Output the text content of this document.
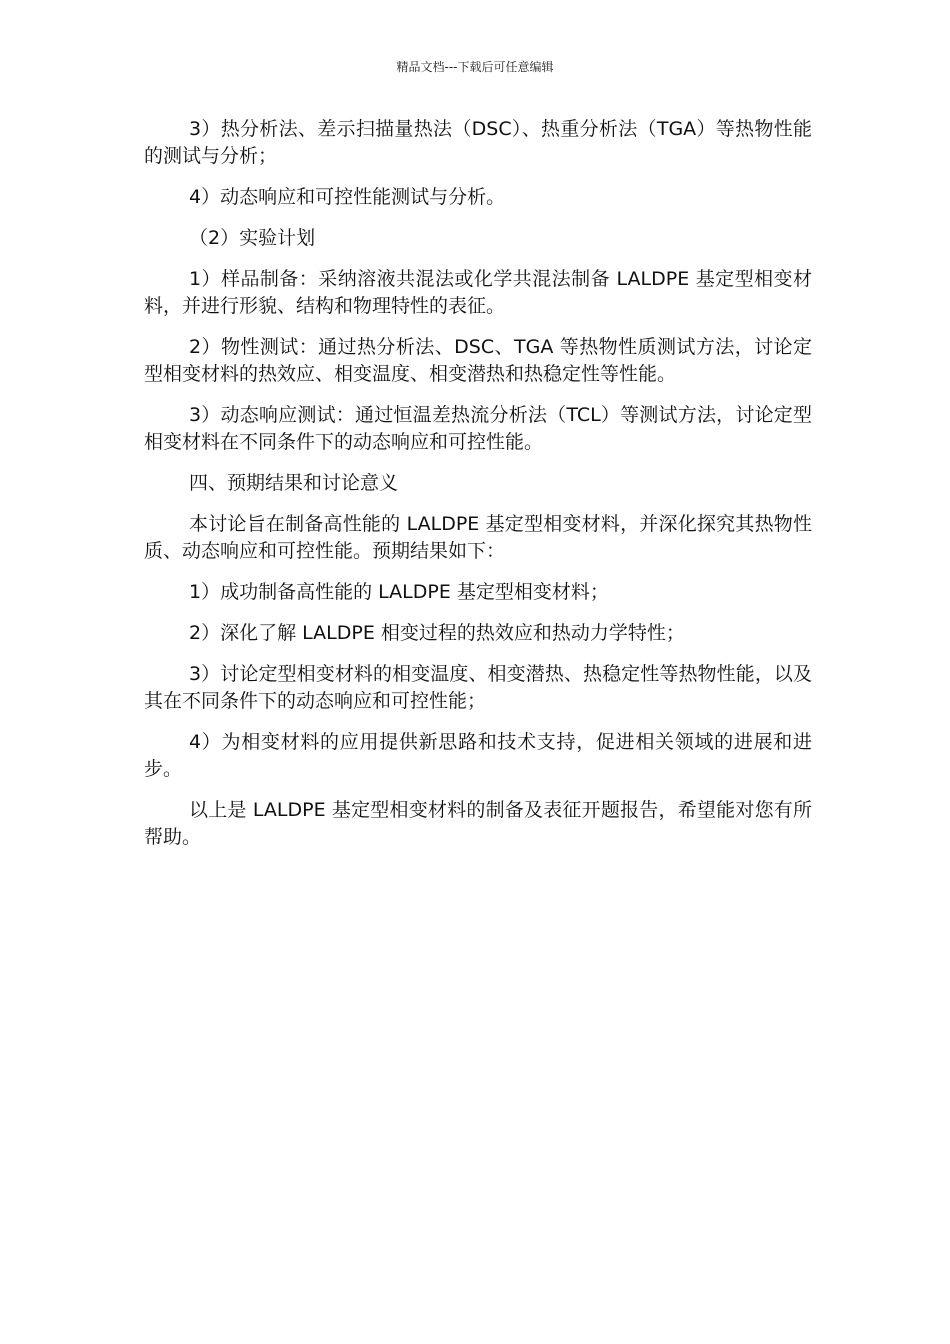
精品文档---下载后可任意编辑

3）热分析法、差示扫描量热法（DSC）、热重分析法（TGA）等热物性能的测试与分析；

4）动态响应和可控性能测试与分析。

（2）实验计划

1）样品制备：采纳溶液共混法或化学共混法制备 LALDPE 基定型相变材料，并进行形貌、结构和物理特性的表征。

2）物性测试：通过热分析法、DSC、TGA 等热物性质测试方法，讨论定型相变材料的热效应、相变温度、相变潜热和热稳定性等性能。

3）动态响应测试：通过恒温差热流分析法（TCL）等测试方法，讨论定型相变材料在不同条件下的动态响应和可控性能。

四、预期结果和讨论意义

本讨论旨在制备高性能的 LALDPE 基定型相变材料，并深化探究其热物性质、动态响应和可控性能。预期结果如下：

1）成功制备高性能的 LALDPE 基定型相变材料；

2）深化了解 LALDPE 相变过程的热效应和热动力学特性；

3）讨论定型相变材料的相变温度、相变潜热、热稳定性等热物性能，以及其在不同条件下的动态响应和可控性能；

4）为相变材料的应用提供新思路和技术支持，促进相关领域的进展和进步。

以上是 LALDPE 基定型相变材料的制备及表征开题报告，希望能对您有所帮助。
